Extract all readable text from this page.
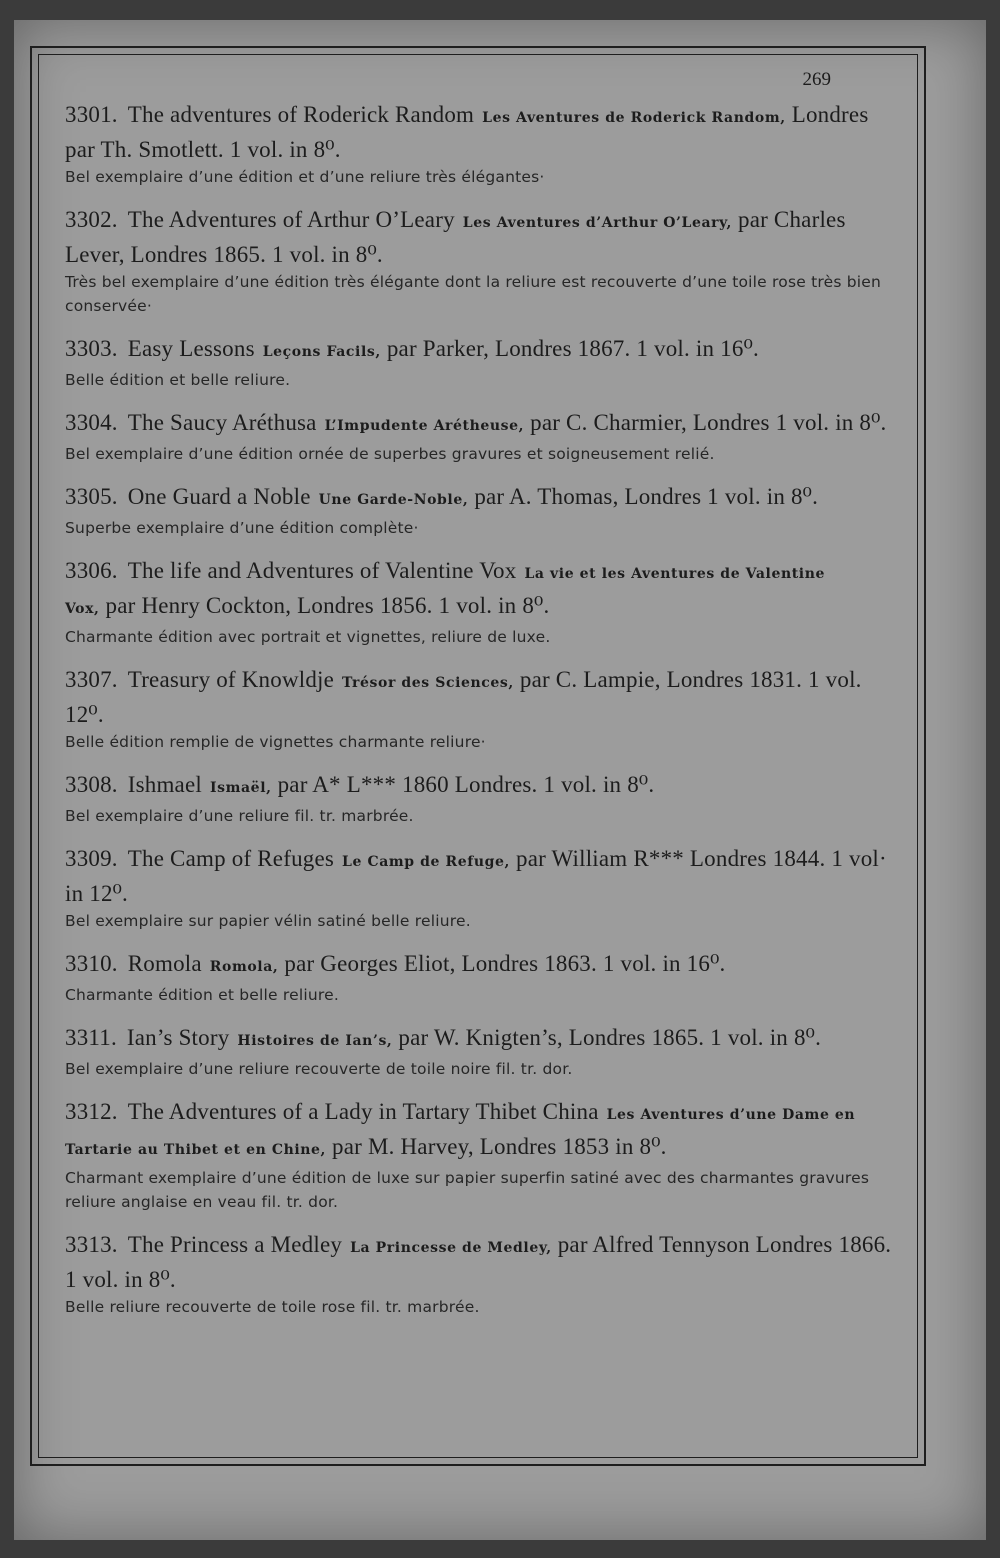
269
3301. The adventures of Roderick Random Les Aventures de Roderick Random, Londres par Th. Smotlett. 1 vol. in 8⁰.
Bel exemplaire d’une édition et d’une reliure très élégantes·
3302. The Adventures of Arthur O’Leary Les Aventures d’Arthur O’Leary, par Charles Lever, Londres 1865. 1 vol. in 8⁰.
Très bel exemplaire d’une édition très élégante dont la reliure est recouverte d’une toile rose très bien conservée·
3303. Easy Lessons Leçons Facils, par Parker, Londres 1867. 1 vol. in 16⁰.
Belle édition et belle reliure.
3304. The Saucy Aréthusa L’Impudente Arétheuse, par C. Charmier, Londres 1 vol. in 8⁰.
Bel exemplaire d’une édition ornée de superbes gravures et soigneusement relié.
3305. One Guard a Noble Une Garde-Noble, par A. Thomas, Londres 1 vol. in 8⁰.
Superbe exemplaire d’une édition complète·
3306. The life and Adventures of Valentine Vox La vie et les Aventures de Valentine Vox, par Henry Cockton, Londres 1856. 1 vol. in 8⁰.
Charmante édition avec portrait et vignettes, reliure de luxe.
3307. Treasury of Knowldje Trésor des Sciences, par C. Lampie, Londres 1831. 1 vol. 12⁰.
Belle édition remplie de vignettes charmante reliure·
3308. Ishmael Ismaël, par A* L*** 1860 Londres. 1 vol. in 8⁰.
Bel exemplaire d’une reliure fil. tr. marbrée.
3309. The Camp of Refuges Le Camp de Refuge, par William R*** Londres 1844. 1 vol· in 12⁰.
Bel exemplaire sur papier vélin satiné belle reliure.
3310. Romola Romola, par Georges Eliot, Londres 1863. 1 vol. in 16⁰.
Charmante édition et belle reliure.
3311. Ian’s Story Histoires de Ian’s, par W. Knigten’s, Londres 1865. 1 vol. in 8⁰.
Bel exemplaire d’une reliure recouverte de toile noire fil. tr. dor.
3312. The Adventures of a Lady in Tartary Thibet China Les Aventures d’une Dame en Tartarie au Thibet et en Chine, par M. Harvey, Londres 1853 in 8⁰.
Charmant exemplaire d’une édition de luxe sur papier superfin satiné avec des charmantes gravures reliure anglaise en veau fil. tr. dor.
3313. The Princess a Medley La Princesse de Medley, par Alfred Tennyson Londres 1866. 1 vol. in 8⁰.
Belle reliure recouverte de toile rose fil. tr. marbrée.
